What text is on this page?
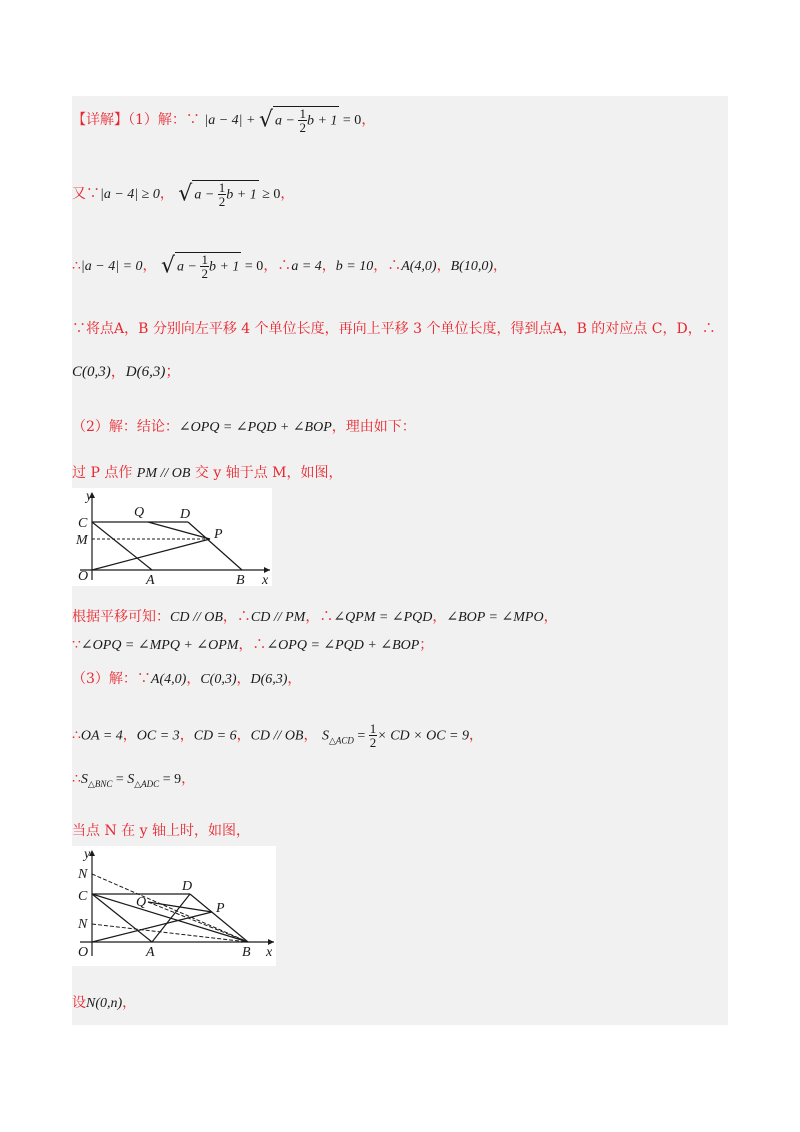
【详解】（1）解：∵ |a − 4| + √ $a - \frac{1}{2}$ b + 1 = 0，
又∵|a − 4| ≥ 0， √ $a - \frac{1}{2}$ b + 1 ≥ 0，
∴|a − 4| = 0， √ $a - \frac{1}{2}$ b + 1 = 0，∴a = 4，b = 10，∴A(4,0)，B(10,0)，
∵将点A，B 分别向左平移 4 个单位长度，再向上平移 3 个单位长度，得到点A，B 的对应点 C，D，∴
C(0,3)，D(6,3)；
（2）解：结论：∠OPQ = ∠PQD + ∠BOP，理由如下：
过 P 点作 PM // OB 交 y 轴于点 M，如图，
y
x
C
M
O	A	B
Q	D
P
根据平移可知：CD // OB，∴CD // PM，∴∠QPM = ∠PQD，∠BOP = ∠MPO，
∵∠OPQ = ∠MPQ + ∠OPM，∴∠OPQ = ∠PQD + ∠BOP；
（3）解：∵A(4,0)，C(0,3)，D(6,3)，
∴OA = 4，OC = 3，CD = 6，CD // OB， $S_{\triangle ACD} = \frac{1}{2}$ × CD × OC = 9，
$\therefore S_{\triangle BNC} = S_{\triangle ADC} = 9$，
当点 N 在 y 轴上时，如图，
y
x
N
C
N
O	A	B
Q
D
P
设N(0,n)，
